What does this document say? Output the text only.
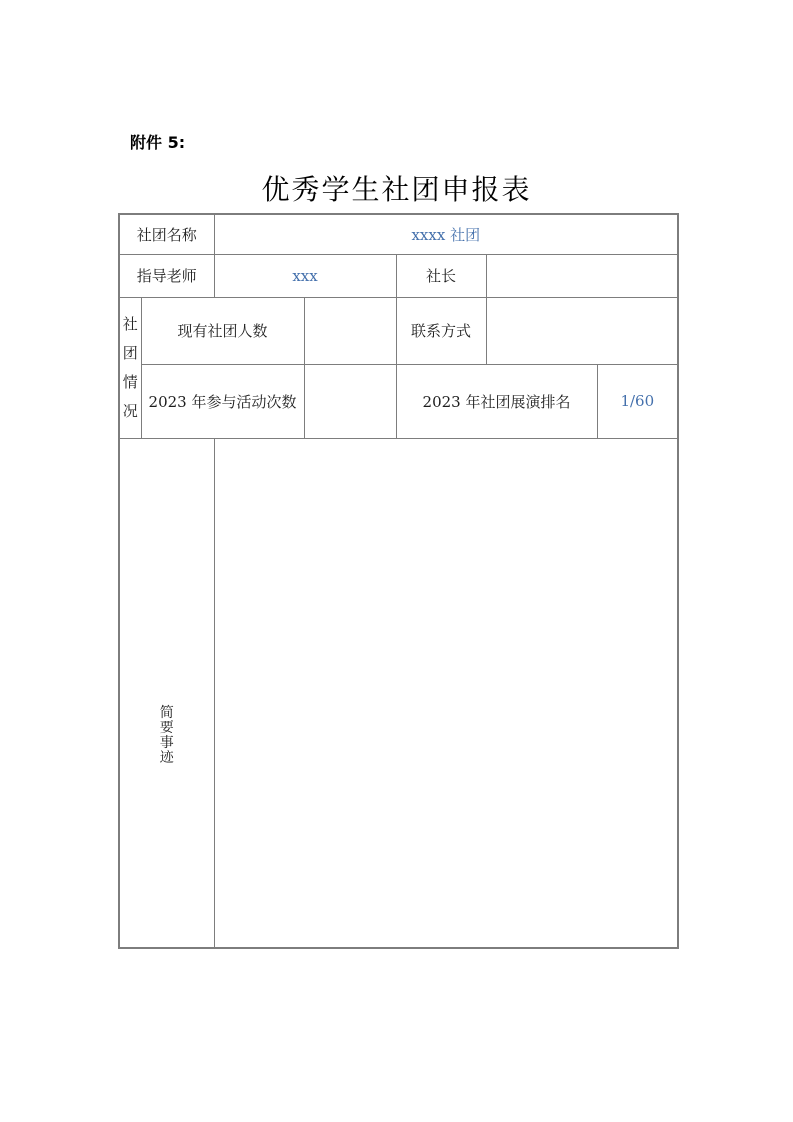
附件 5:
优秀学生社团申报表
社团名称		xxxx 社团				
指导老师		xxx		社长		

社团情况	现有社团人数			联系方式		
	2023 年参与活动次数			2023 年社团展演排名		1/60

简要事迹						
